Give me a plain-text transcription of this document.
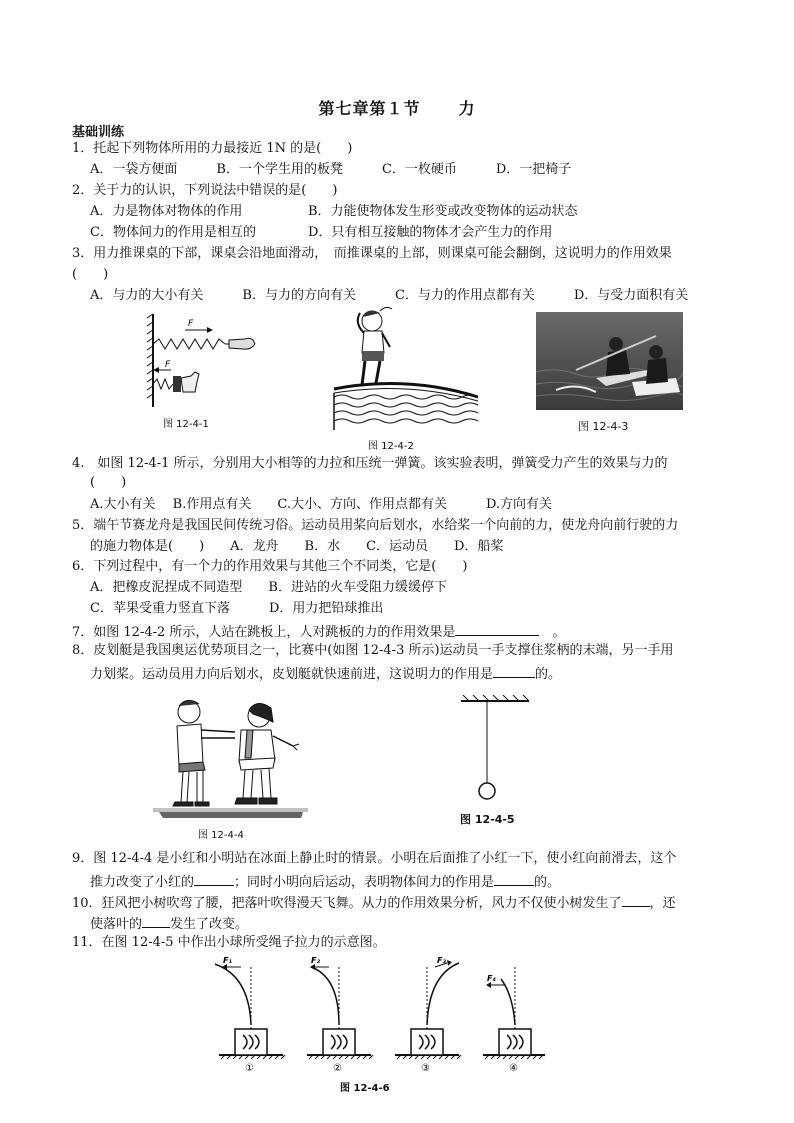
第七章第１节 力
基础训练
1．托起下列物体所用的力最接近 1N 的是(　　)
A．一袋方便面　　　B．一个学生用的板凳　　　C．一枚硬币　　　D．一把椅子
2．关于力的认识，下列说法中错误的是(　　)
A．力是物体对物体的作用	B．力能使物体发生形变或改变物体的运动状态
C．物体间力的作用是相互的	D．只有相互接触的物体才会产生力的作用
3．用力推课桌的下部，课桌会沿地面滑动，　而推课桌的上部，则课桌可能会翻倒，这说明力的作用效果
(　　)
A．与力的大小有关　　　B．与力的方向有关　　　C．与力的作用点都有关　　　D．与受力面积有关
F
F
图 12-4-1
图 12-4-2
图 12-4-3
4.　如图 12-4-1 所示，分别用大小相等的力拉和压统一弹簧。该实验表明，弹簧受力产生的效果与力的
(　　)
A.大小有关　 B.作用点有关　　C.大小、方向、作用点都有关　　　D.方向有关
5．端午节赛龙舟是我国民间传统习俗。运动员用桨向后划水，水给桨一个向前的力，使龙舟向前行驶的力
的施力物体是(　　)　　A．龙舟　　B．水　　C．运动员　　D．船桨
6．下列过程中，有一个力的作用效果与其他三个不同类，它是(　　)
A．把橡皮泥捏成不同造型　　B．进站的火车受阻力缓缓停下
C．苹果受重力竖直下落　　　D．用力把铅球推出
7．如图 12-4-2 所示，人站在跳板上，人对跳板的力的作用效果是　	。
8．皮划艇是我国奥运优势项目之一，比赛中(如图 12-4-3 所示)运动员一手支撑住浆柄的末端，另一手用
力划桨。运动员用力向后划水，皮划艇就快速前进，这说明力的作用是	的。
图 12-4-4
图 12-4-5
9．图 12-4-4 是小红和小明站在冰面上静止时的情景。小明在后面推了小红一下，使小红向前滑去，这个
推力改变了小红的	；同时小明向后运动，表明物体间力的作用是	的。
10．狂风把小树吹弯了腰，把落叶吹得漫天飞舞。从力的作用效果分析，风力不仅使小树发生了 ，还
使落叶的 发生了改变。
11．在图 12-4-5 中作出小球所受绳子拉力的示意图。
F₁
①
F₂
②
F₃
③
F₄
④
图 12-4-6
